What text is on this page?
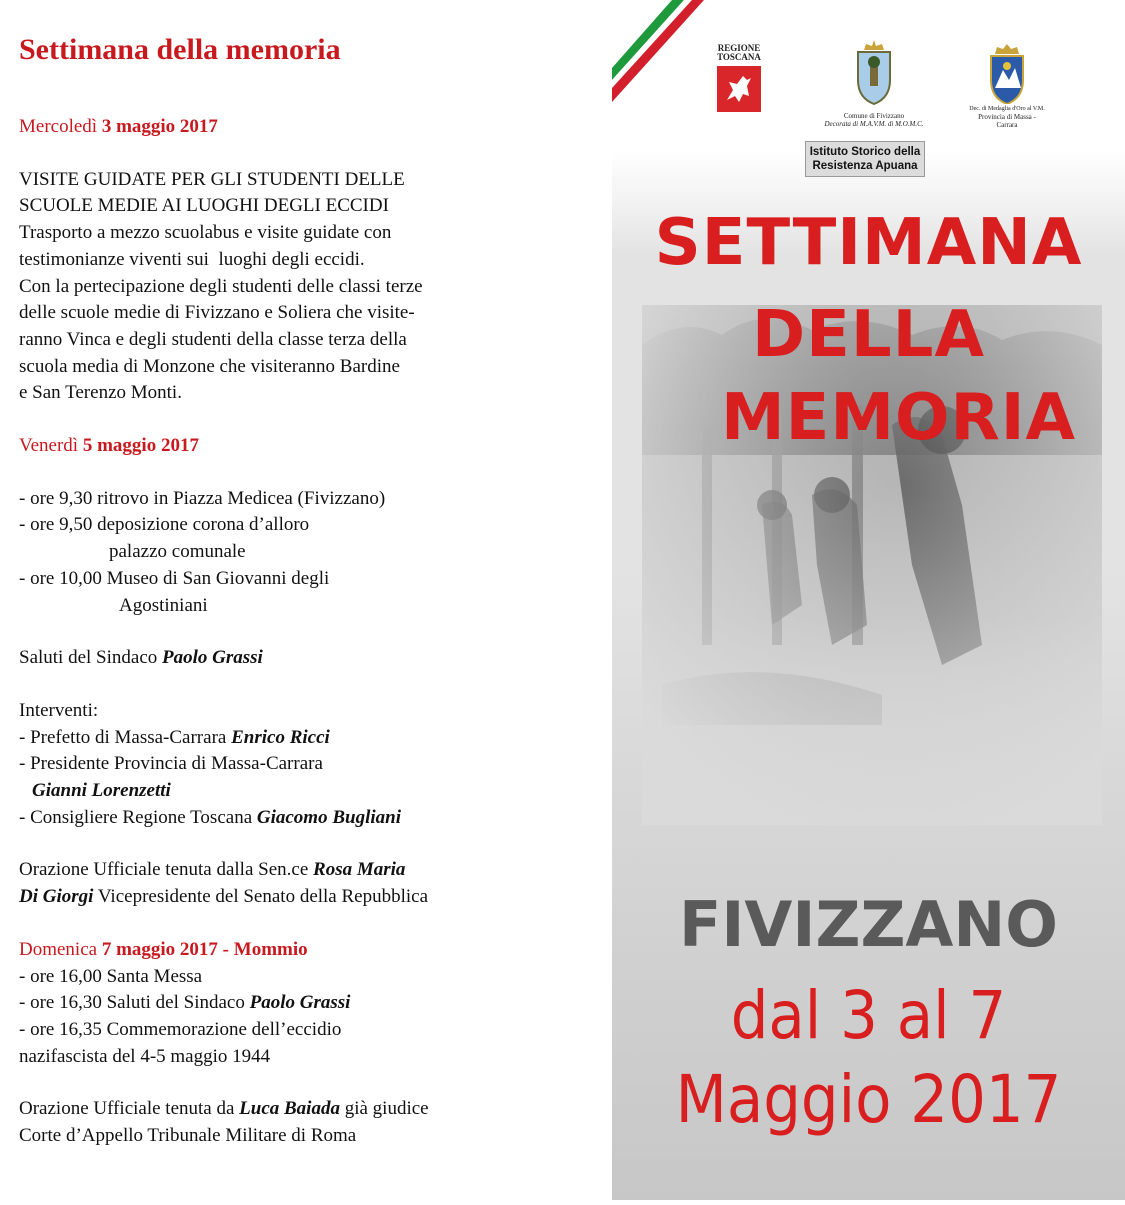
Settimana della memoria

Mercoledì 3 maggio 2017

VISITE GUIDATE PER GLI STUDENTI DELLE

SCUOLE MEDIE AI LUOGHI DEGLI ECCIDI

Trasporto a mezzo scuolabus e visite guidate con

testimonianze viventi sui  luoghi degli eccidi.

Con la pertecipazione degli studenti delle classi terze

delle scuole medie di Fivizzano e Soliera che visite-

ranno Vinca e degli studenti della classe terza della

scuola media di Monzone che visiteranno Bardine

e San Terenzo Monti.

Venerdì 5 maggio 2017

- ore 9,30 ritrovo in Piazza Medicea (Fivizzano)

- ore 9,50 deposizione corona d’alloro

palazzo comunale

- ore 10,00 Museo di San Giovanni degli

Agostiniani

Saluti del Sindaco Paolo Grassi

Interventi:

- Prefetto di Massa-Carrara Enrico Ricci

- Presidente Provincia di Massa-Carrara

Gianni Lorenzetti

- Consigliere Regione Toscana Giacomo Bugliani

Orazione Ufficiale tenuta dalla Sen.ce Rosa Maria

Di Giorgi Vicepresidente del Senato della Repubblica

Domenica 7 maggio 2017 - Mommio

- ore 16,00 Santa Messa

- ore 16,30 Saluti del Sindaco Paolo Grassi

- ore 16,35 Commemorazione dell’eccidio

nazifascista del 4-5 maggio 1944

Orazione Ufficiale tenuta da Luca Baiada già giudice

Corte d’Appello Tribunale Militare di Roma

REGIONE
TOSCANA
Comune di Fivizzano
Decorata di M.A.V.M. di M.O.M.C.
Dec. di Medaglia d'Oro al V.M.
Provincia di Massa - Carrara
Istituto Storico della
Resistenza Apuana
SETTIMANA
DELLA
MEMORIA
FIVIZZANO
dal 3 al 7
Maggio 2017
